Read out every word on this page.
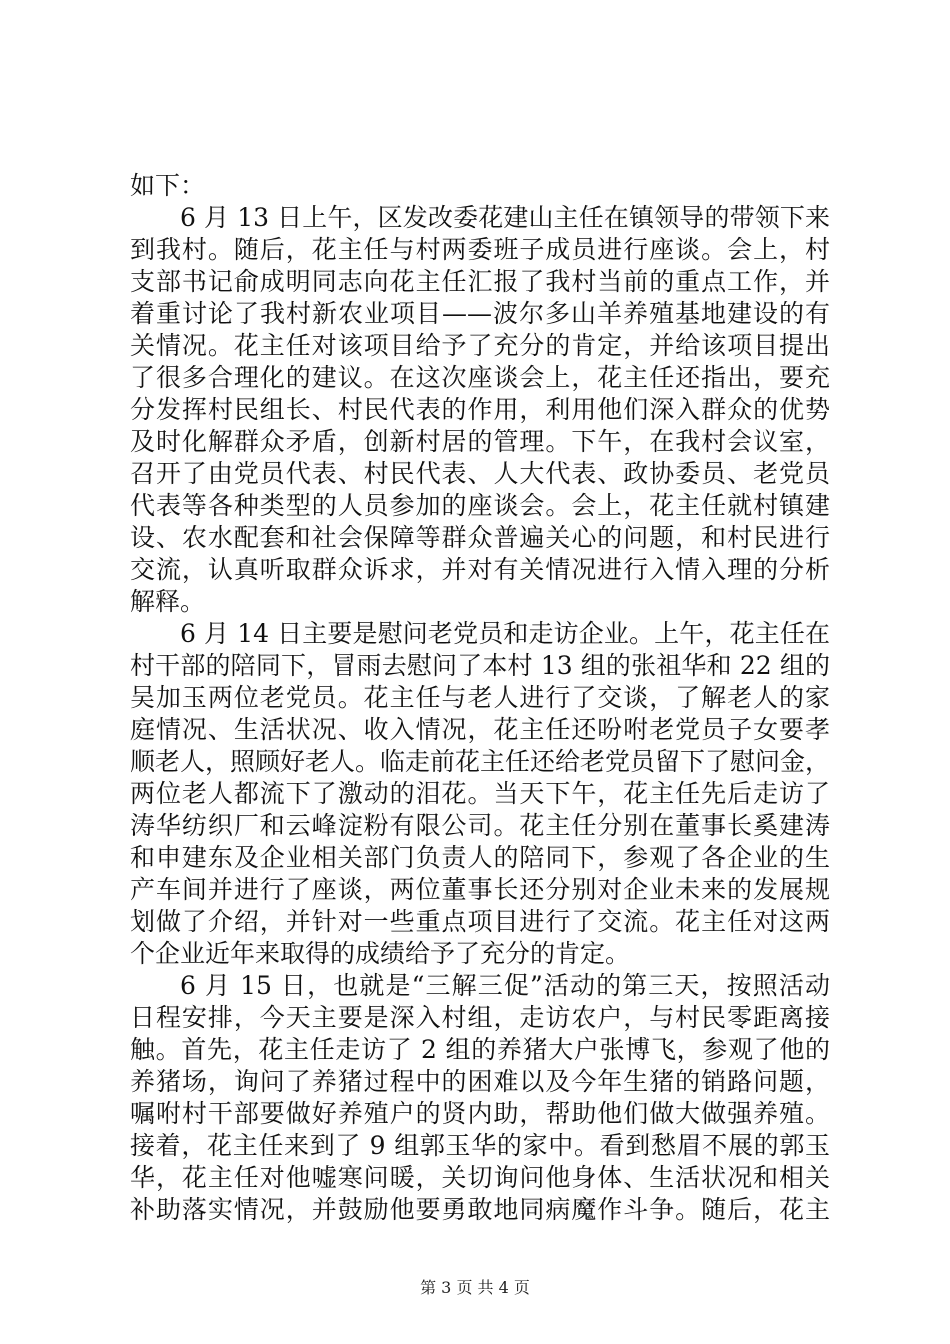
如下：
6 月 13 日上午，区发改委花建山主任在镇领导的带领下来
到我村。随后，花主任与村两委班子成员进行座谈。会上，村
支部书记俞成明同志向花主任汇报了我村当前的重点工作，并
着重讨论了我村新农业项目——波尔多山羊养殖基地建设的有
关情况。花主任对该项目给予了充分的肯定，并给该项目提出
了很多合理化的建议。在这次座谈会上，花主任还指出，要充
分发挥村民组长、村民代表的作用，利用他们深入群众的优势
及时化解群众矛盾，创新村居的管理。下午，在我村会议室，
召开了由党员代表、村民代表、人大代表、政协委员、老党员
代表等各种类型的人员参加的座谈会。会上，花主任就村镇建
设、农水配套和社会保障等群众普遍关心的问题，和村民进行
交流，认真听取群众诉求，并对有关情况进行入情入理的分析
解释。
6 月 14 日主要是慰问老党员和走访企业。上午，花主任在
村干部的陪同下，冒雨去慰问了本村 13 组的张祖华和 22 组的
吴加玉两位老党员。花主任与老人进行了交谈，了解老人的家
庭情况、生活状况、收入情况，花主任还吩咐老党员子女要孝
顺老人，照顾好老人。临走前花主任还给老党员留下了慰问金，
两位老人都流下了激动的泪花。当天下午，花主任先后走访了
涛华纺织厂和云峰淀粉有限公司。花主任分别在董事长奚建涛
和申建东及企业相关部门负责人的陪同下，参观了各企业的生
产车间并进行了座谈，两位董事长还分别对企业未来的发展规
划做了介绍，并针对一些重点项目进行了交流。花主任对这两
个企业近年来取得的成绩给予了充分的肯定。
6 月 15 日，也就是“三解三促”活动的第三天，按照活动
日程安排，今天主要是深入村组，走访农户，与村民零距离接
触。首先，花主任走访了 2 组的养猪大户张博飞，参观了他的
养猪场，询问了养猪过程中的困难以及今年生猪的销路问题，
嘱咐村干部要做好养殖户的贤内助，帮助他们做大做强养殖。
接着，花主任来到了 9 组郭玉华的家中。看到愁眉不展的郭玉
华，花主任对他嘘寒问暖，关切询问他身体、生活状况和相关
补助落实情况，并鼓励他要勇敢地同病魔作斗争。随后，花主
第 3 页 共 4 页
